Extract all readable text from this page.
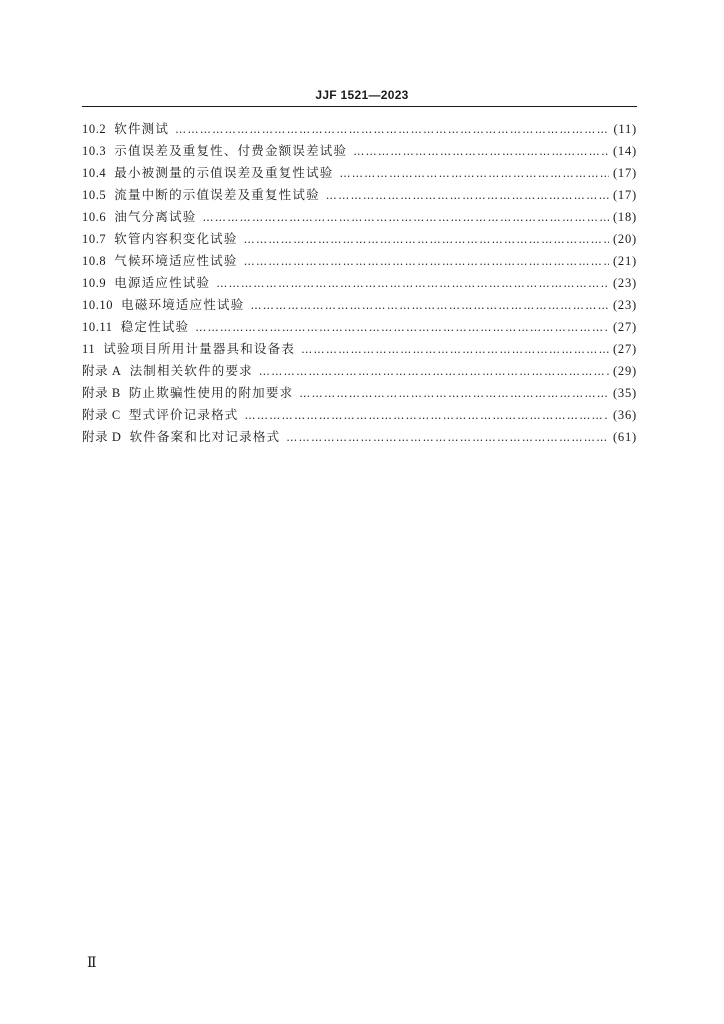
JJF 1521—2023
10.2 软件测试 ……………………………………………………………………………………………………………………………………………………………………………………………………	(11)
10.3 示值误差及重复性、付费金额误差试验 ……………………………………………………………………………………………………………………………………………………………………………………………………	(14)
10.4 最小被测量的示值误差及重复性试验 ……………………………………………………………………………………………………………………………………………………………………………………………………	(17)
10.5 流量中断的示值误差及重复性试验 ……………………………………………………………………………………………………………………………………………………………………………………………………	(17)
10.6 油气分离试验 ……………………………………………………………………………………………………………………………………………………………………………………………………	(18)
10.7 软管内容积变化试验 ……………………………………………………………………………………………………………………………………………………………………………………………………	(20)
10.8 气候环境适应性试验 ……………………………………………………………………………………………………………………………………………………………………………………………………	(21)
10.9 电源适应性试验 ……………………………………………………………………………………………………………………………………………………………………………………………………	(23)
10.10 电磁环境适应性试验 ……………………………………………………………………………………………………………………………………………………………………………………………………	(23)
10.11 稳定性试验 ……………………………………………………………………………………………………………………………………………………………………………………………………	(27)
11 试验项目所用计量器具和设备表 ……………………………………………………………………………………………………………………………………………………………………………………………………	(27)
附录 A 法制相关软件的要求 ……………………………………………………………………………………………………………………………………………………………………………………………………	(29)
附录 B 防止欺骗性使用的附加要求 ……………………………………………………………………………………………………………………………………………………………………………………………………	(35)
附录 C 型式评价记录格式 ……………………………………………………………………………………………………………………………………………………………………………………………………	(36)
附录 D 软件备案和比对记录格式 ……………………………………………………………………………………………………………………………………………………………………………………………………	(61)
Ⅱ
